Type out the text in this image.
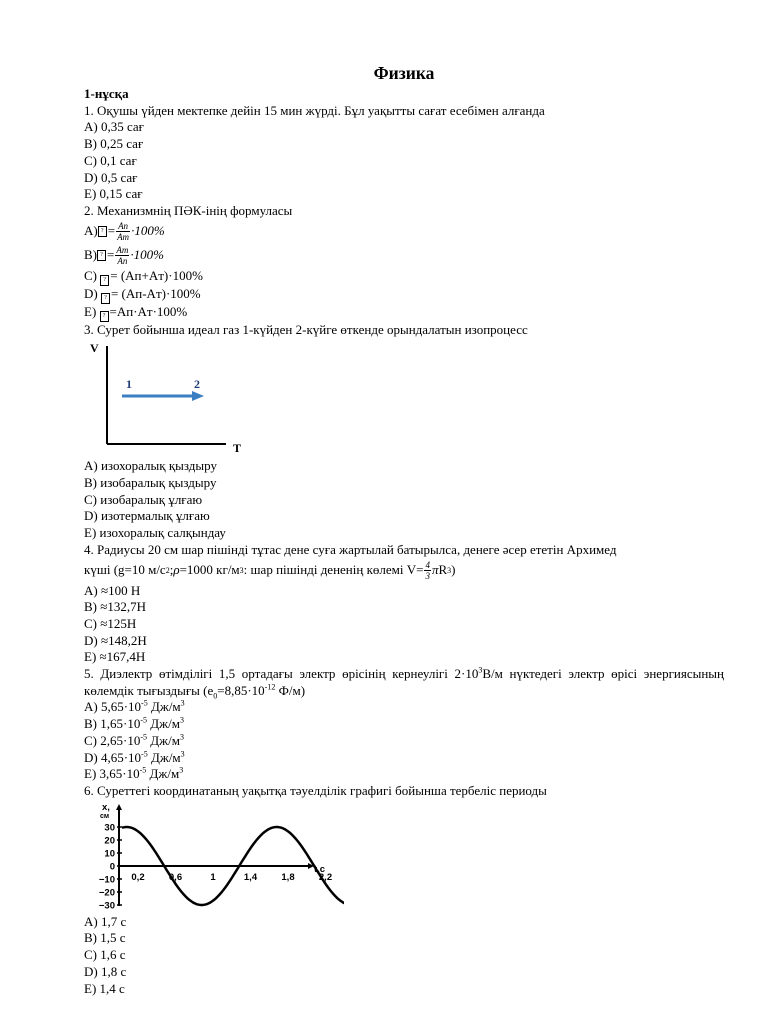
Физика
1-нұсқа
1. Оқушы үйден мектепке дейін 15 мин жүрді. Бұл уақытты сағат есебімен алғанда
A) 0,35 сағ
B) 0,25 сағ
C) 0,1 сағ
D) 0,5 сағ
E) 0,15 сағ
2. Механизмнің ПӘК-інің формуласы
A) ? = $\frac{Aп}{Aт} \cdot 100\%$
B) ? = $\frac{Aт}{Aп} \cdot 100\%$
C) ? = (Aп+Aт)·100%
D) ? = (Aп-Aт)·100%
E) ? =Aп·Aт·100%
3. Сурет бойынша идеал газ 1-күйден 2-күйге өткенде орындалатын изопроцесс
V
T
1	2
A) изохоралық қыздыру
B) изобаралық қыздыру
C) изобаралық ұлғаю
D) изотермалық ұлғаю
E) изохоралық салқындау
4. Радиусы 20 см шар пішінді тұтас дене суға жартылай батырылса, денеге әсер ететін Архимед
күші (g=10 м/с 2 ; ρ =1000 кг/м 3 : шар пішінді дененің көлемі $V= \frac{4}{3}$ π R 3 )
A) ≈100 Н
B) ≈132,7Н
C) ≈125Н
D) ≈148,2Н
E) ≈167,4Н
5. Диэлектр өтімділігі 1,5 ортадағы электр өрісінің кернеулігі $2\cdot 10^3В/м$ нүктедегі электр өрісі энергиясының көлемдік тығыздығы ($e_0=8,85\cdot 10^{-12}$ Ф/м)
A) $5,65\cdot 10^{-5}$ $Дж/м^3$
B) $1,65\cdot 10^{-5}$ $Дж/м^3$
C) $2,65\cdot 10^{-5}$ $Дж/м^3$
D) $4,65\cdot 10^{-5}$ $Дж/м^3$
E) $3,65\cdot 10^{-5}$ $Дж/м^3$
6. Суреттегі координатаның уақытқа тәуелділік графигі бойынша тербеліс периоды
x,
см
t,с
30
20
10
0
−10
−20
−30
0,2	0,6	1	1,4	1,8	2,2
A) 1,7 с
B) 1,5 с
C) 1,6 с
D) 1,8 с
E) 1,4 с
